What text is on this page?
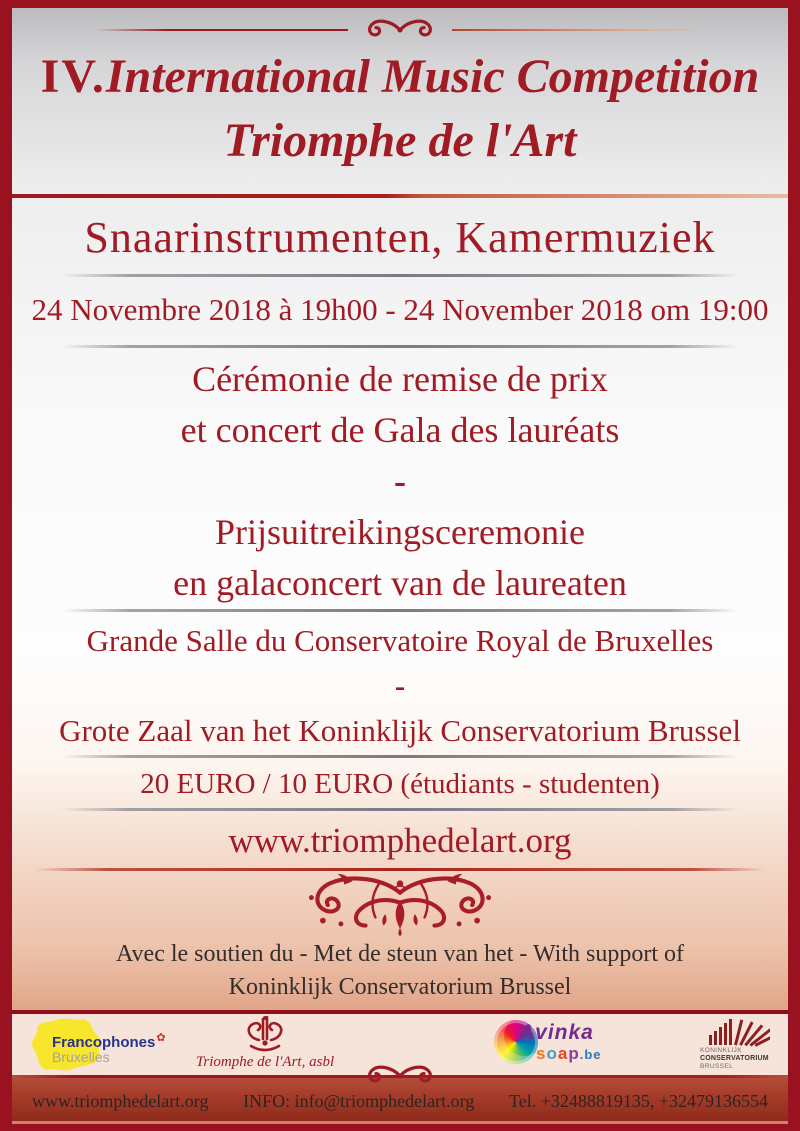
IV.International Music Competition
Triomphe de l'Art
Snaarinstrumenten, Kamermuziek
24 Novembre 2018 à 19h00 - 24 November 2018 om 19:00
Cérémonie de remise de prix
et concert de Gala des lauréats
-
Prijsuitreikingsceremonie
en galaconcert van de laureaten
Grande Salle du Conservatoire Royal de Bruxelles
-
Grote Zaal van het Koninklijk Conservatorium Brussel
20 EURO / 10 EURO (étudiants - studenten)
www.triomphedelart.org
Avec le soutien du - Met de steun van het - With support of
Koninklijk Conservatorium Brussel
Francophones✿
Bruxelles	Triomphe de l'Art, asbl
Avinka
soap.be	KONINKLIJK
CONSERVATORIUM
BRUSSEL
www.triomphedelart.org INFO: info@triomphedelart.org Tel. +32488819135, +32479136554
